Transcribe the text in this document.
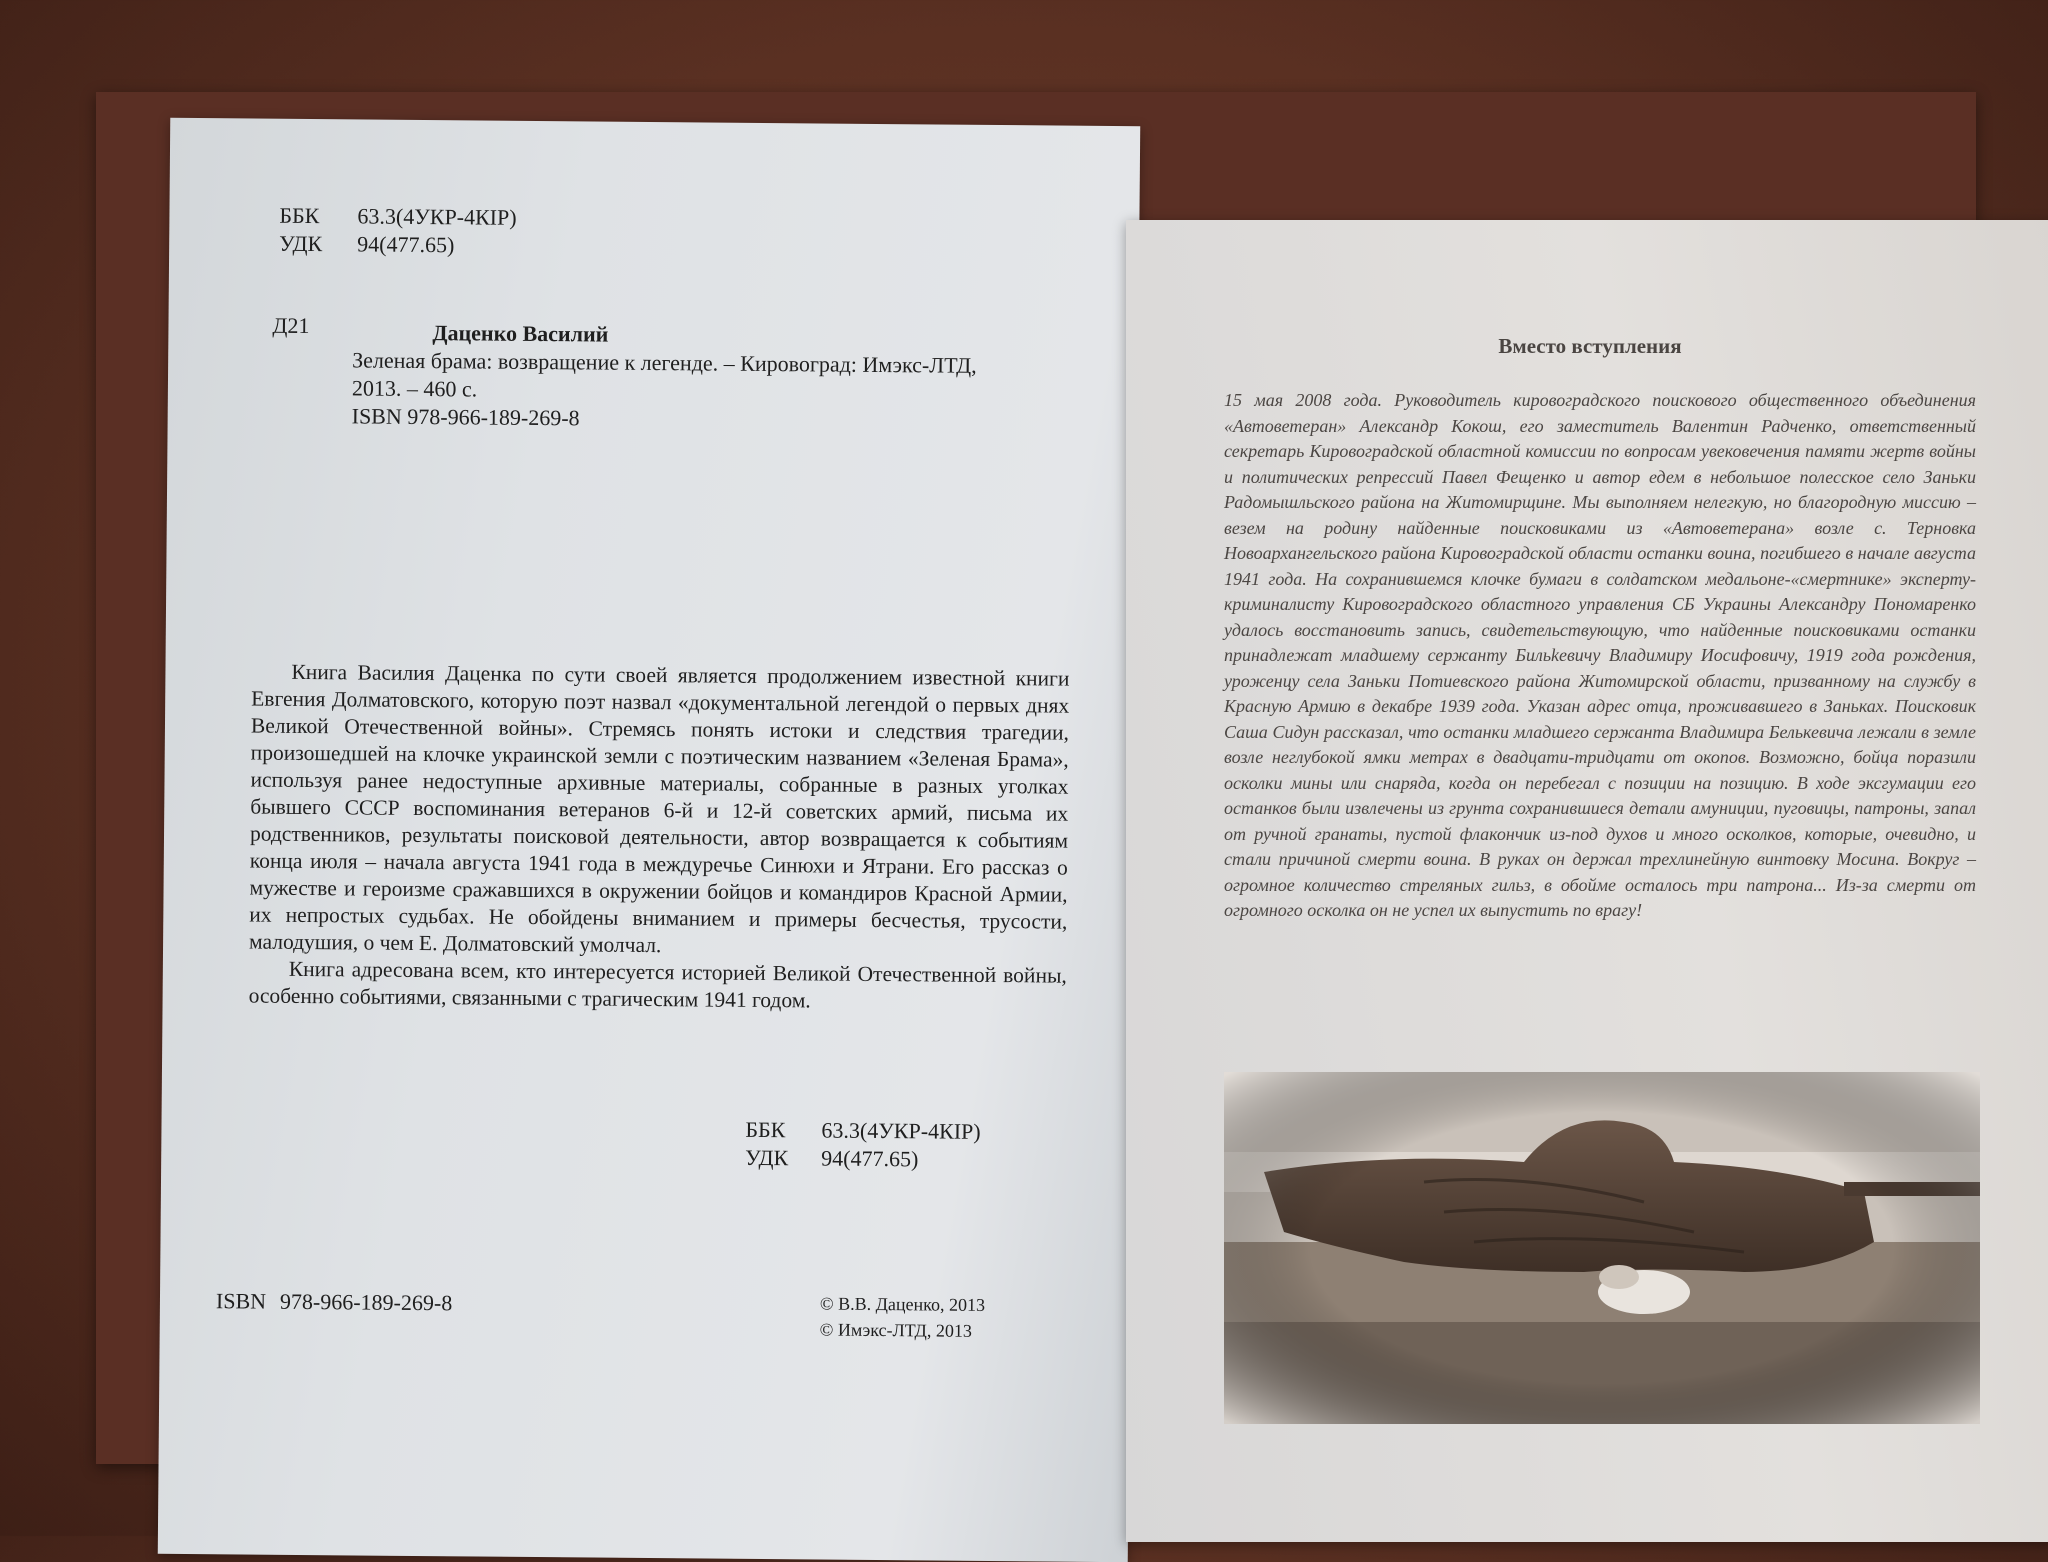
ББК 63.3(4УКР-4КІР)
УДК 94(477.65)
Д21	Даценко Василий
Зеленая брама: возвращение к легенде. – Кировоград: Имэкс-ЛТД,
2013. – 460 с.
ISBN 978-966-189-269-8

Книга Василия Даценка по сути своей является продолжением известной книги Евгения Долматовского, которую поэт назвал «документальной легендой о первых днях Великой Отечественной войны». Стремясь понять истоки и следствия трагедии, произошедшей на клочке украинской земли с поэтическим названием «Зеленая Брама», используя ранее недоступные архивные материалы, собранные в разных уголках бывшего СССР воспоминания ветеранов 6-й и 12-й советских армий, письма их родственников, результаты поисковой деятельности, автор возвращается к событиям конца июля – начала августа 1941 года в междуречье Синюхи и Ятрани. Его рассказ о мужестве и героизме сражавшихся в окружении бойцов и командиров Красной Армии, их непростых судьбах. Не обойдены вниманием и примеры бесчестья, трусости, малодушия, о чем Е. Долматовский умолчал.

Книга адресована всем, кто интересуется историей Великой Отечественной войны, особенно событиями, связанными с трагическим 1941 годом.

ББК 63.3(4УКР-4КІР)
УДК 94(477.65)
ISBN 978-966-189-269-8	© В.В. Даценко, 2013
© Имэкс-ЛТД, 2013
Вместо вступления

15 мая 2008 года. Руководитель кировоградского поискового общественного объединения «Автоветеран» Александр Кокош, его заместитель Валентин Радченко, ответственный секретарь Кировоградской областной комиссии по вопросам увековечения памяти жертв войны и политических репрессий Павел Фещенко и автор едем в небольшое полесское село Заньки Радомышльского района на Житомирщине. Мы выполняем нелегкую, но благородную миссию – везем на родину найденные поисковиками из «Автоветерана» возле с. Терновка Новоархангельского района Кировоградской области останки воина, погибшего в начале августа 1941 года. На сохранившемся клочке бумаги в солдатском медальоне-«смертнике» эксперту-криминалисту Кировоградского областного управления СБ Украины Александру Пономаренко удалось восстановить запись, свидетельствующую, что найденные поисковиками останки принадлежат младшему сержанту Бильkевичу Владимиру Иосифовичу, 1919 года рождения, уроженцу села Заньки Потиевского района Житомирской области, призванному на службу в Красную Армию в декабре 1939 года. Указан адрес отца, проживавшего в Заньках. Поисковик Саша Сидун рассказал, что останки младшего сержанта Владимира Белькевича лежали в земле возле неглубокой ямки метрах в двадцати-тридцати от окопов. Возможно, бойца поразили осколки мины или снаряда, когда он перебегал с позиции на позицию. В ходе эксгумации его останков были извлечены из грунта сохранившиеся детали амуниции, пуговицы, патроны, запал от ручной гранаты, пустой флакончик из-под духов и много осколков, которые, очевидно, и стали причиной смерти воина. В руках он держал трехлинейную винтовку Мосина. Вокруг – огромное количество стреляных гильз, в обойме осталось три патрона... Из-за смерти от огромного осколка он не успел их выпустить по врагу!
